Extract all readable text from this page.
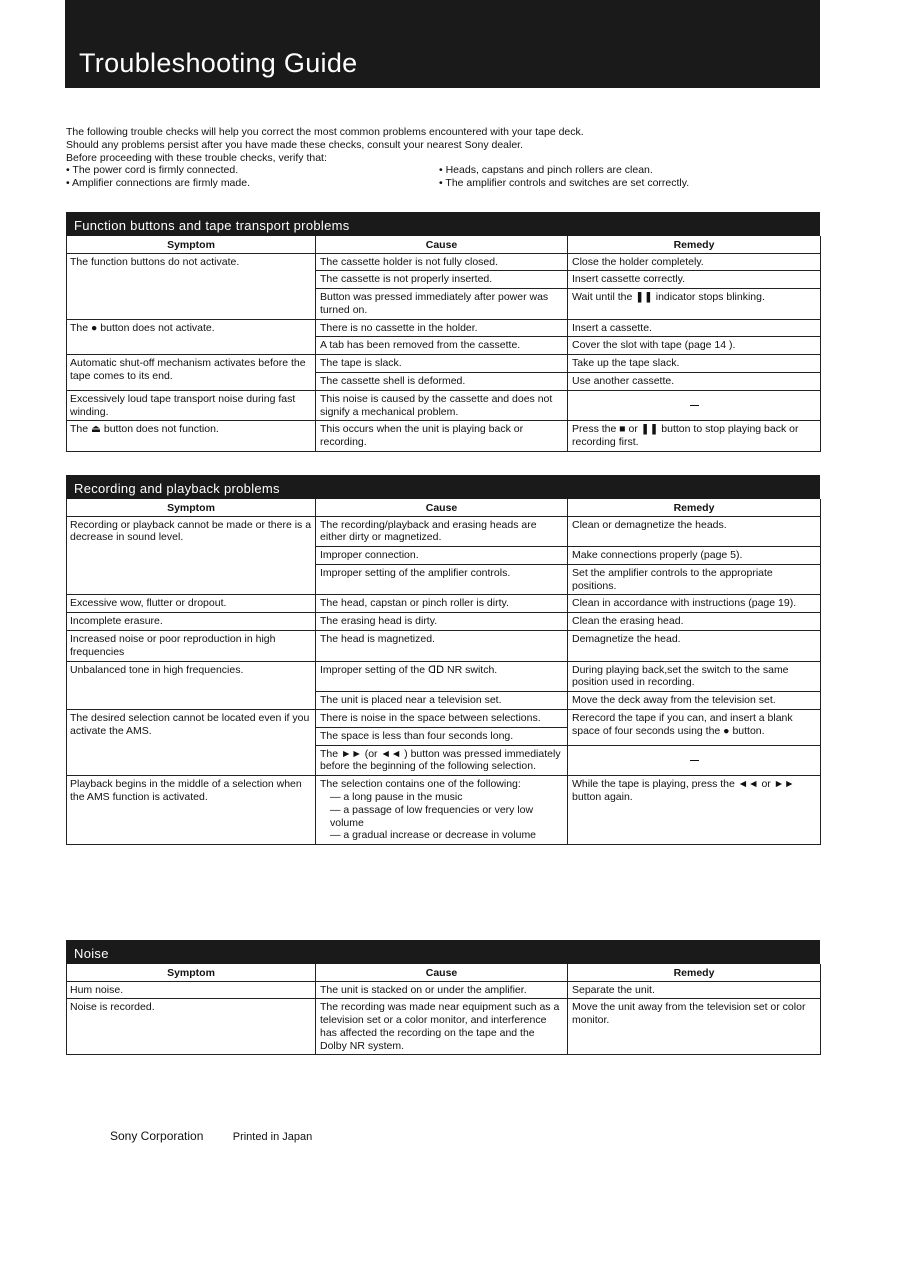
Troubleshooting Guide
The following trouble checks will help you correct the most common problems encountered with your tape deck.
Should any problems persist after you have made these checks, consult your nearest Sony dealer.
Before proceeding with these trouble checks, verify that:
• The power cord is firmly connected.	• Heads, capstans and pinch rollers are clean.
• Amplifier connections are firmly made.	• The amplifier controls and switches are set correctly.
Function buttons and tape transport problems
Symptom	Cause	Remedy
The function buttons do not activate.	The cassette holder is not fully closed.	Close the holder completely.
	The cassette is not properly inserted.	Insert cassette correctly.
	Button was pressed immediately after power was turned on.	Wait until the ❚❚ indicator stops blinking.
The ● button does not activate.	There is no cassette in the holder.	Insert a cassette.
	A tab has been removed from the cassette.	Cover the slot with tape (page 14 ).
Automatic shut-off mechanism activates before the tape comes to its end.	The tape is slack.	Take up the tape slack.
	The cassette shell is deformed.	Use another cassette.
Excessively loud tape transport noise during fast winding.	This noise is caused by the cassette and does not signify a mechanical problem.	
The ⏏ button does not function.	This occurs when the unit is playing back or recording.	Press the ■ or ❚❚ button to stop playing back or recording first.
Recording and playback problems
Symptom	Cause	Remedy
Recording or playback cannot be made or there is a decrease in sound level.	The recording/playback and erasing heads are either dirty or magnetized.	Clean or demagnetize the heads.
	Improper connection.	Make connections properly (page 5).
	Improper setting of the amplifier controls.	Set the amplifier controls to the appropriate positions.
Excessive wow, flutter or dropout.	The head, capstan or pinch roller is dirty.	Clean in accordance with instructions (page 19).
Incomplete erasure.	The erasing head is dirty.	Clean the erasing head.
Increased noise or poor reproduction in high frequencies	The head is magnetized.	Demagnetize the head.
Unbalanced tone in high frequencies.	Improper setting of the ᗡᗞ NR switch.	During playing back,set the switch to the same position used in recording.
	The unit is placed near a television set.	Move the deck away from the television set.
The desired selection cannot be located even if you activate the AMS.	There is noise in the space between selections.	Rerecord the tape if you can, and insert a blank space of four seconds using the ● button.
	The space is less than four seconds long.	
	The ►► (or ◄◄ ) button was pressed immediately before the beginning of the following selection.	
Playback begins in the middle of a selection when the AMS function is activated.	The selection contains one of the following:
— a long pause in the music
— a passage of low frequencies or very low volume
— a gradual increase or decrease in volume	While the tape is playing, press the ◄◄ or ►► button again.
Noise
Symptom	Cause	Remedy
Hum noise.	The unit is stacked on or under the amplifier.	Separate the unit.
Noise is recorded.	The recording was made near equipment such as a television set or a color monitor, and interference has affected the recording on the tape and the Dolby NR system.	Move the unit away from the television set or color monitor.
Sony Corporation	Printed in Japan
